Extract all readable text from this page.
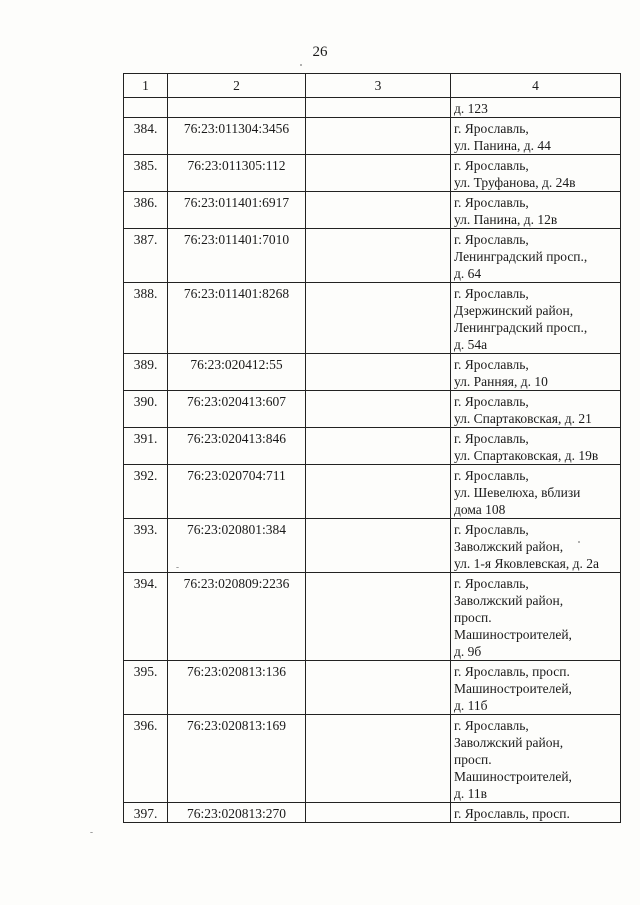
26
1	2	3	4
			д. 123
384.	76:23:011304:3456		г. Ярославль,
ул. Панина, д. 44
385.	76:23:011305:112		г. Ярославль,
ул. Труфанова, д. 24в
386.	76:23:011401:6917		г. Ярославль,
ул. Панина, д. 12в
387.	76:23:011401:7010		г. Ярославль,
Ленинградский просп.,
д. 64
388.	76:23:011401:8268		г. Ярославль,
Дзержинский район,
Ленинградский просп.,
д. 54а
389.	76:23:020412:55		г. Ярославль,
ул. Ранняя, д. 10
390.	76:23:020413:607		г. Ярославль,
ул. Спартаковская, д. 21
391.	76:23:020413:846		г. Ярославль,
ул. Спартаковская, д. 19в
392.	76:23:020704:711		г. Ярославль,
ул. Шевелюха, вблизи
дома 108
393.	76:23:020801:384		г. Ярославль,
Заволжский район,
ул. 1-я Яковлевская, д. 2а
394.	76:23:020809:2236		г. Ярославль,
Заволжский район,
просп.
Машиностроителей,
д. 9б
395.	76:23:020813:136		г. Ярославль, просп.
Машиностроителей,
д. 11б
396.	76:23:020813:169		г. Ярославль,
Заволжский район,
просп.
Машиностроителей,
д. 11в
397.	76:23:020813:270		г. Ярославль, просп.
